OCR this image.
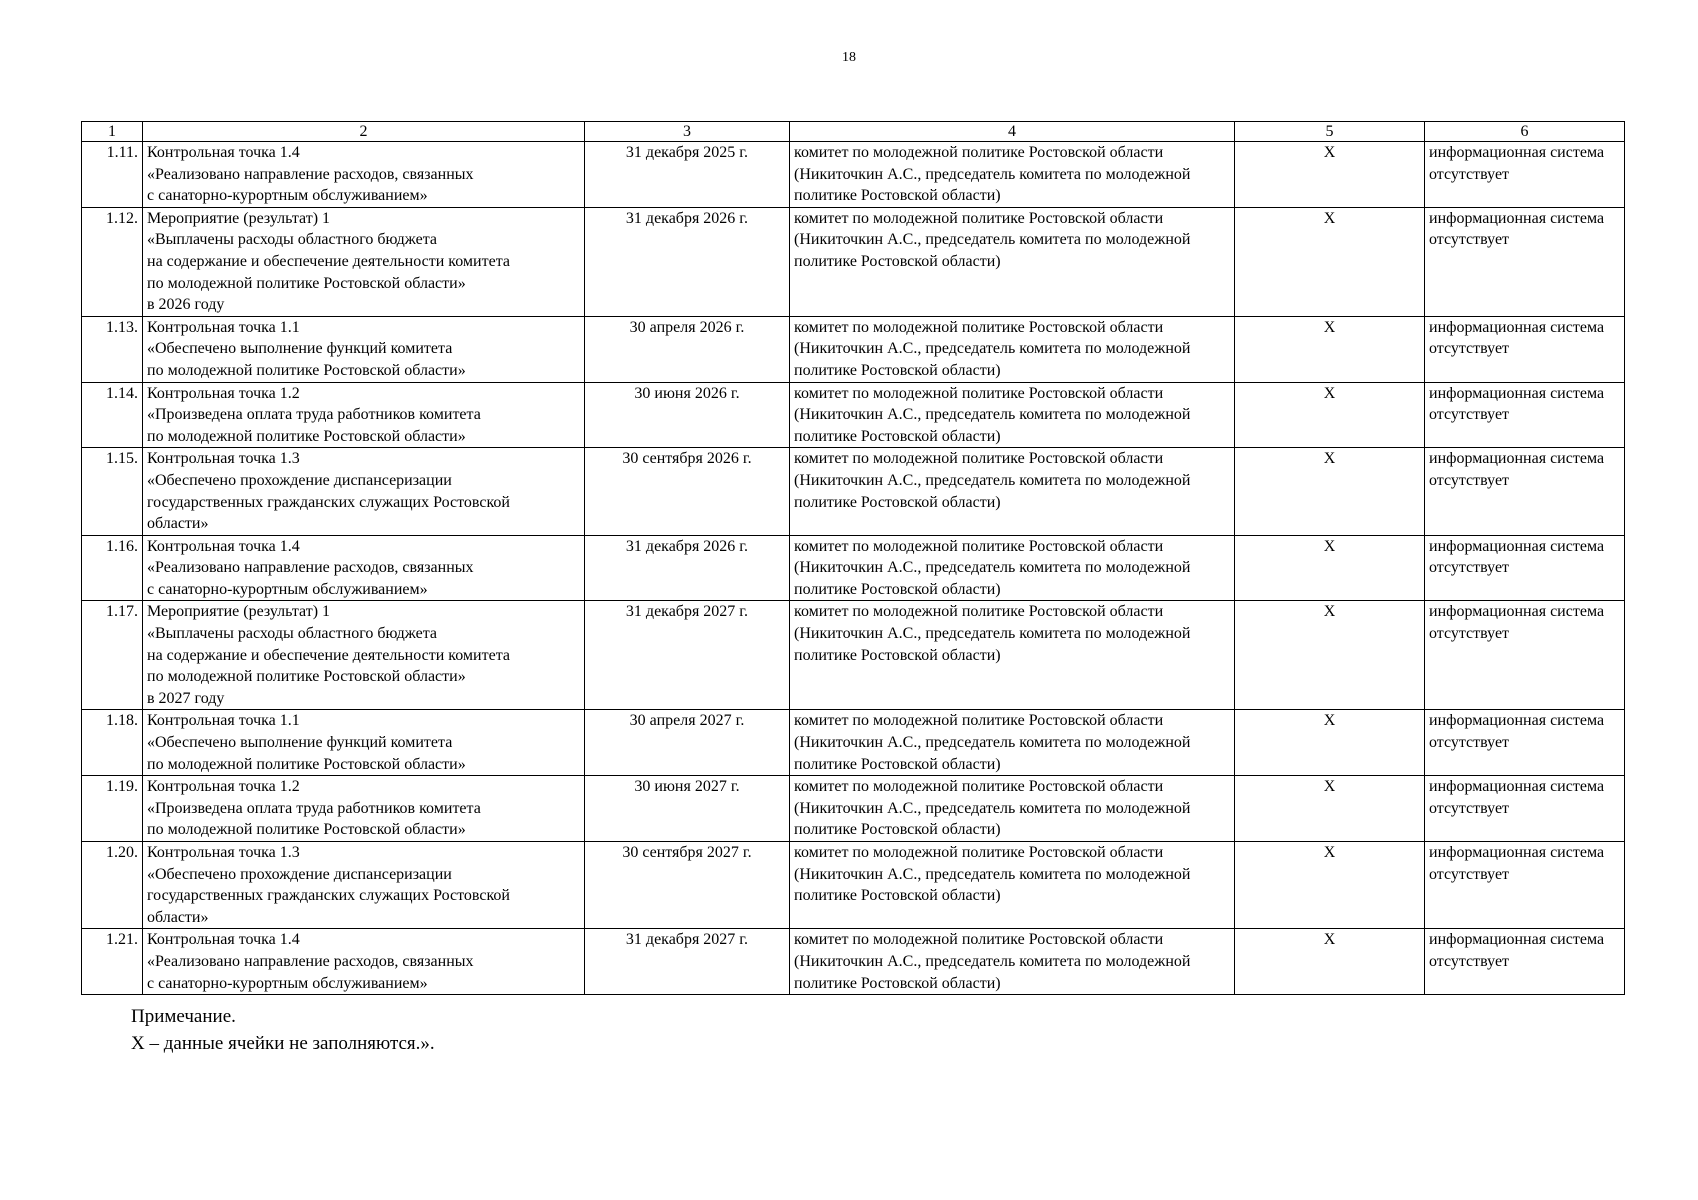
18
1	2	3	4	5	6
1.11.	Контрольная точка 1.4
«Реализовано направление расходов, связанных
с санаторно-курортным обслуживанием»	31 декабря 2025 г.	комитет по молодежной политике Ростовской области
(Никиточкин А.С., председатель комитета по молодежной
политике Ростовской области)	X	информационная система
отсутствует

1.12.	Мероприятие (результат) 1
«Выплачены расходы областного бюджета
на содержание и обеспечение деятельности комитета
по молодежной политике Ростовской области»
в 2026 году	31 декабря 2026 г.	комитет по молодежной политике Ростовской области
(Никиточкин А.С., председатель комитета по молодежной
политике Ростовской области)	X	информационная система
отсутствует

1.13.	Контрольная точка 1.1
«Обеспечено выполнение функций комитета
по молодежной политике Ростовской области»	30 апреля 2026 г.	комитет по молодежной политике Ростовской области
(Никиточкин А.С., председатель комитета по молодежной
политике Ростовской области)	X	информационная система
отсутствует

1.14.	Контрольная точка 1.2
«Произведена оплата труда работников комитета
по молодежной политике Ростовской области»	30 июня 2026 г.	комитет по молодежной политике Ростовской области
(Никиточкин А.С., председатель комитета по молодежной
политике Ростовской области)	X	информационная система
отсутствует

1.15.	Контрольная точка 1.3
«Обеспечено прохождение диспансеризации
государственных гражданских служащих Ростовской
области»	30 сентября 2026 г.	комитет по молодежной политике Ростовской области
(Никиточкин А.С., председатель комитета по молодежной
политике Ростовской области)	X	информационная система
отсутствует

1.16.	Контрольная точка 1.4
«Реализовано направление расходов, связанных
с санаторно-курортным обслуживанием»	31 декабря 2026 г.	комитет по молодежной политике Ростовской области
(Никиточкин А.С., председатель комитета по молодежной
политике Ростовской области)	X	информационная система
отсутствует

1.17.	Мероприятие (результат) 1
«Выплачены расходы областного бюджета
на содержание и обеспечение деятельности комитета
по молодежной политике Ростовской области»
в 2027 году	31 декабря 2027 г.	комитет по молодежной политике Ростовской области
(Никиточкин А.С., председатель комитета по молодежной
политике Ростовской области)	X	информационная система
отсутствует

1.18.	Контрольная точка 1.1
«Обеспечено выполнение функций комитета
по молодежной политике Ростовской области»	30 апреля 2027 г.	комитет по молодежной политике Ростовской области
(Никиточкин А.С., председатель комитета по молодежной
политике Ростовской области)	X	информационная система
отсутствует

1.19.	Контрольная точка 1.2
«Произведена оплата труда работников комитета
по молодежной политике Ростовской области»	30 июня 2027 г.	комитет по молодежной политике Ростовской области
(Никиточкин А.С., председатель комитета по молодежной
политике Ростовской области)	X	информационная система
отсутствует

1.20.	Контрольная точка 1.3
«Обеспечено прохождение диспансеризации
государственных гражданских служащих Ростовской
области»	30 сентября 2027 г.	комитет по молодежной политике Ростовской области
(Никиточкин А.С., председатель комитета по молодежной
политике Ростовской области)	X	информационная система
отсутствует

1.21.	Контрольная точка 1.4
«Реализовано направление расходов, связанных
с санаторно-курортным обслуживанием»	31 декабря 2027 г.	комитет по молодежной политике Ростовской области
(Никиточкин А.С., председатель комитета по молодежной
политике Ростовской области)	X	информационная система
отсутствует
Примечание.
X – данные ячейки не заполняются.».
